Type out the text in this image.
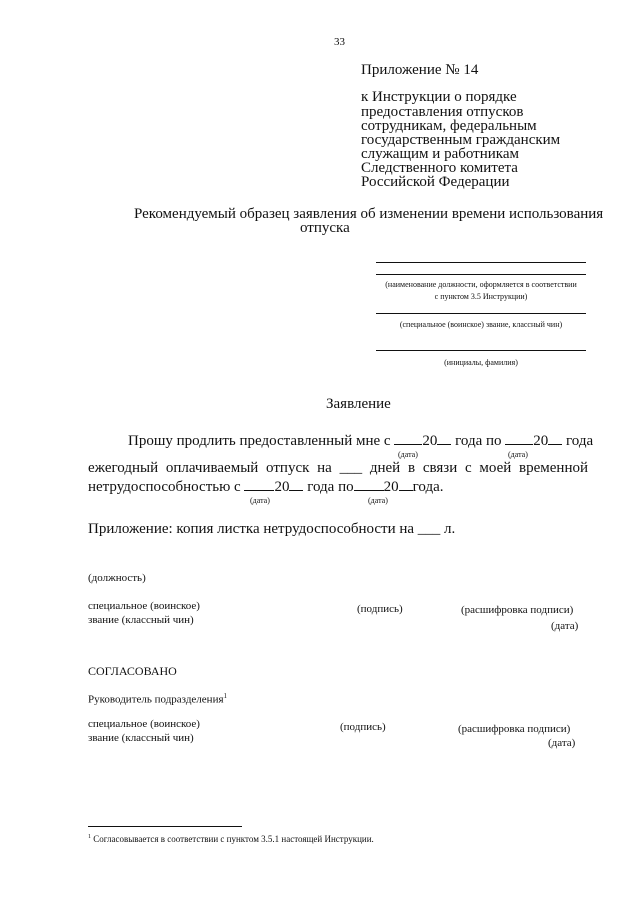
33
Приложение № 14
к Инструкции о порядке
предоставления отпусков
сотрудникам, федеральным
государственным гражданским
служащим и работникам
Следственного комитета
Российской Федерации
Рекомендуемый образец заявления об изменении времени использования
отпуска
(наименование должности, оформляется в соответствии
с пунктом 3.5 Инструкции)
(специальное (воинское) звание, классный чин)
(инициалы, фамилия)
Заявление
Прошу продлить предоставленный мне с 20 года по 20 года
(дата)	(дата)
ежегодный оплачиваемый отпуск на ___ дней в связи с моей временной
нетрудоспособностью с 20 года по 20 года.
(дата)	(дата)
Приложение: копия листка нетрудоспособности на ___ л.
(должность)
специальное (воинское)
звание (классный чин)
(подпись)	(расшифровка подписи)
(дата)
СОГЛАСОВАНО
Руководитель подразделения$^1$
специальное (воинское)
звание (классный чин)
(подпись)	(расшифровка подписи)
(дата)
$^1$ Согласовывается в соответствии с пунктом 3.5.1 настоящей Инструкции.
